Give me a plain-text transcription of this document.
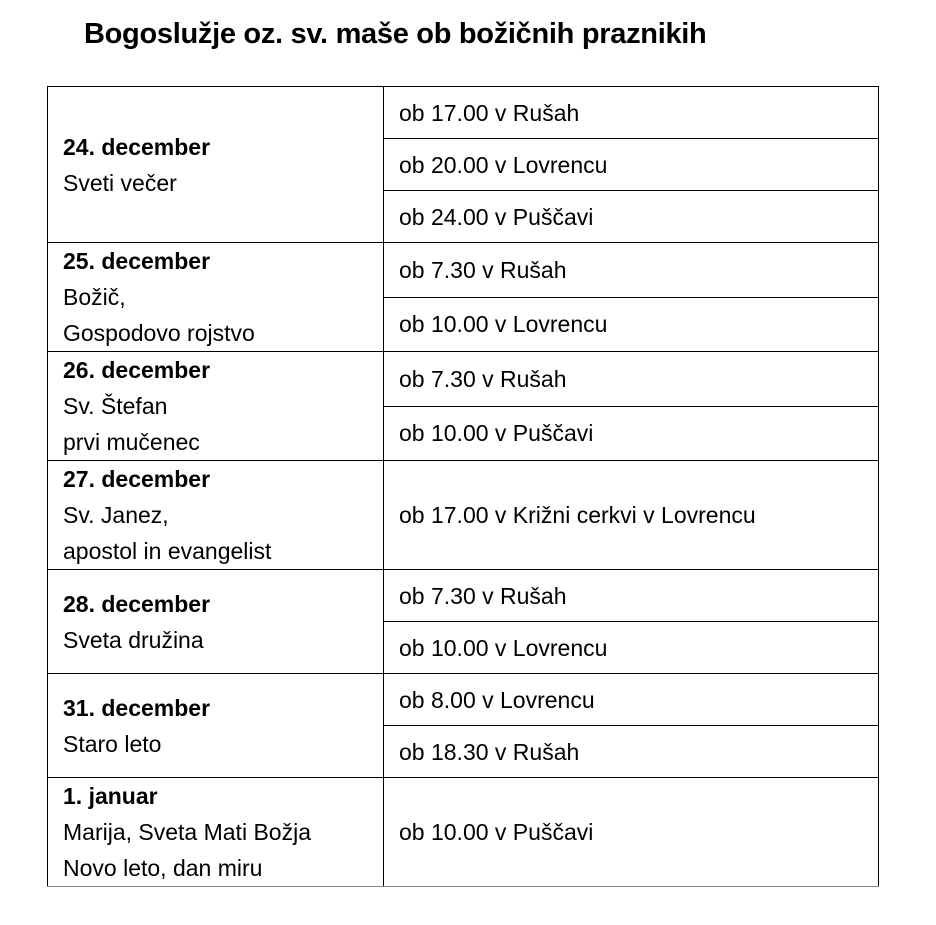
Bogoslužje oz. sv. maše ob božičnih praznikih
24. december
Sveti večer	ob 17.00 v Rušah
	ob 20.00 v Lovrencu
	ob 24.00 v Puščavi

25. december
Božič,
Gospodovo rojstvo	ob 7.30 v Rušah
	ob 10.00 v Lovrencu

26. december
Sv. Štefan
prvi mučenec	ob 7.30 v Rušah
	ob 10.00 v Puščavi

27. december
Sv. Janez,
apostol in evangelist	ob 17.00 v Križni cerkvi v Lovrencu

28. december
Sveta družina	ob 7.30 v Rušah
	ob 10.00 v Lovrencu

31. december
Staro leto	ob 8.00 v Lovrencu
	ob 18.30 v Rušah

1. januar
Marija, Sveta Mati Božja
Novo leto, dan miru	ob 10.00 v Puščavi
